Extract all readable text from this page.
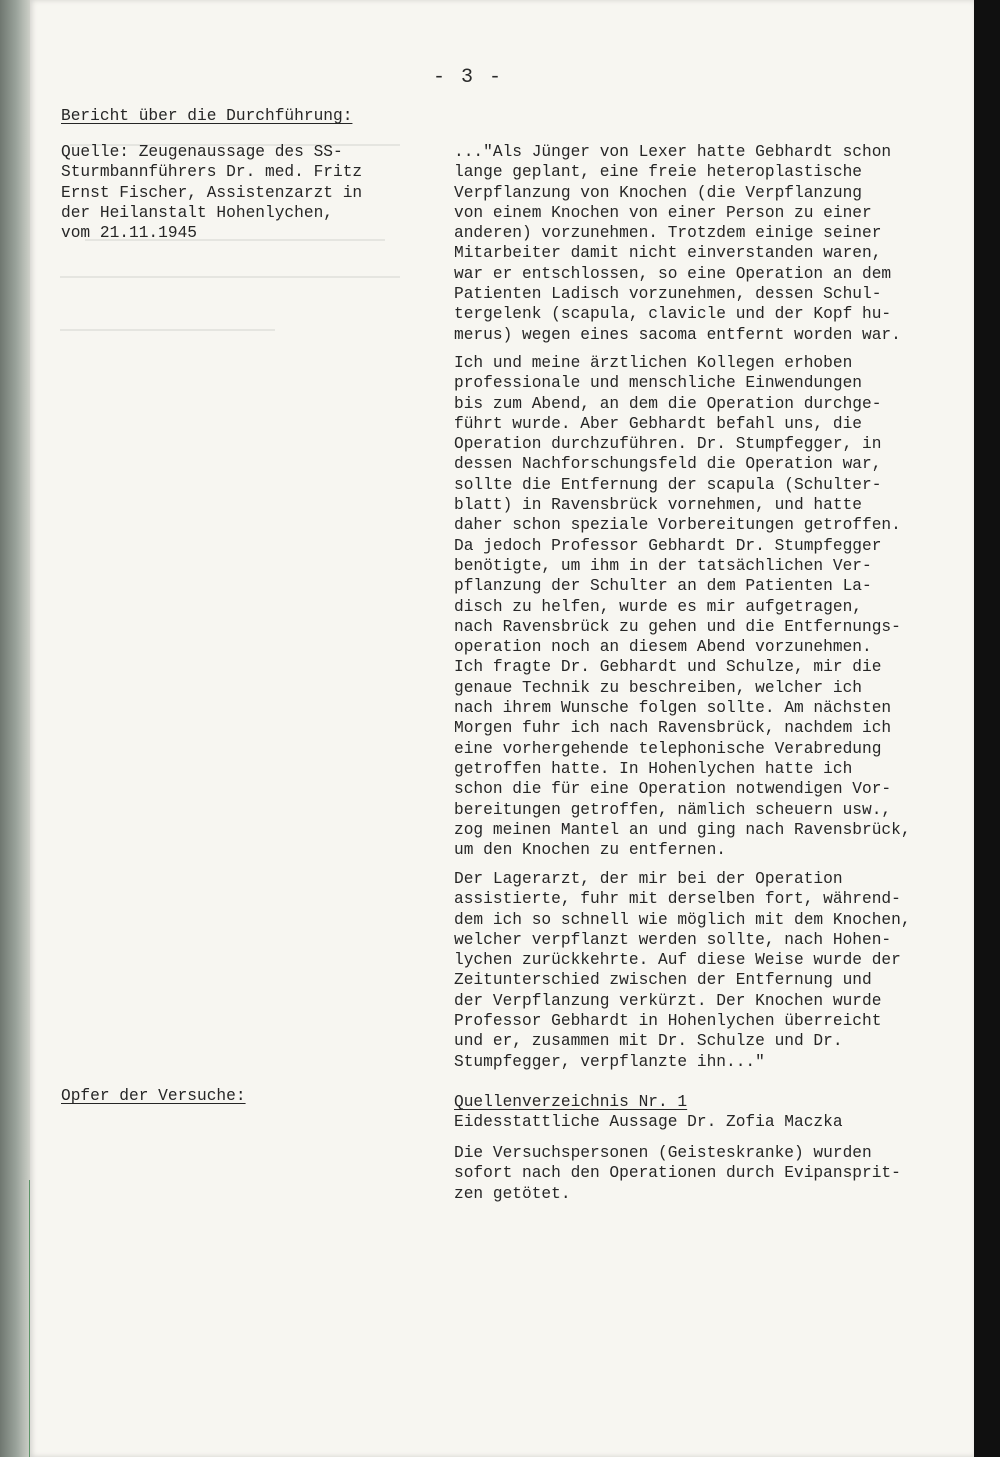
- 3 -
Bericht über die Durchführung:
Quelle: Zeugenaussage des SS-
Sturmbannführers Dr. med. Fritz
Ernst Fischer, Assistenzarzt in
der Heilanstalt Hohenlychen,
vom 21.11.1945
Opfer der Versuche:

..."Als Jünger von Lexer hatte Gebhardt schon
lange geplant, eine freie heteroplastische
Verpflanzung von Knochen (die Verpflanzung
von einem Knochen von einer Person zu einer
anderen) vorzunehmen. Trotzdem einige seiner
Mitarbeiter damit nicht einverstanden waren,
war er entschlossen, so eine Operation an dem
Patienten Ladisch vorzunehmen, dessen Schul-
tergelenk (scapula, clavicle und der Kopf hu-
merus) wegen eines sacoma entfernt worden war.

Ich und meine ärztlichen Kollegen erhoben
professionale und menschliche Einwendungen
bis zum Abend, an dem die Operation durchge-
führt wurde. Aber Gebhardt befahl uns, die
Operation durchzuführen. Dr. Stumpfegger, in
dessen Nachforschungsfeld die Operation war,
sollte die Entfernung der scapula (Schulter-
blatt) in Ravensbrück vornehmen, und hatte
daher schon speziale Vorbereitungen getroffen.
Da jedoch Professor Gebhardt Dr. Stumpfegger
benötigte, um ihm in der tatsächlichen Ver-
pflanzung der Schulter an dem Patienten La-
disch zu helfen, wurde es mir aufgetragen,
nach Ravensbrück zu gehen und die Entfernungs-
operation noch an diesem Abend vorzunehmen.
Ich fragte Dr. Gebhardt und Schulze, mir die
genaue Technik zu beschreiben, welcher ich
nach ihrem Wunsche folgen sollte. Am nächsten
Morgen fuhr ich nach Ravensbrück, nachdem ich
eine vorhergehende telephonische Verabredung
getroffen hatte. In Hohenlychen hatte ich
schon die für eine Operation notwendigen Vor-
bereitungen getroffen, nämlich scheuern usw.,
zog meinen Mantel an und ging nach Ravensbrück,
um den Knochen zu entfernen.

Der Lagerarzt, der mir bei der Operation
assistierte, fuhr mit derselben fort, während-
dem ich so schnell wie möglich mit dem Knochen,
welcher verpflanzt werden sollte, nach Hohen-
lychen zurückkehrte. Auf diese Weise wurde der
Zeitunterschied zwischen der Entfernung und
der Verpflanzung verkürzt. Der Knochen wurde
Professor Gebhardt in Hohenlychen überreicht
und er, zusammen mit Dr. Schulze und Dr.
Stumpfegger, verpflanzte ihn..."

Quellenverzeichnis Nr. 1
Eidesstattliche Aussage Dr. Zofia Maczka

Die Versuchspersonen (Geisteskranke) wurden
sofort nach den Operationen durch Evipansprit-
zen getötet.
